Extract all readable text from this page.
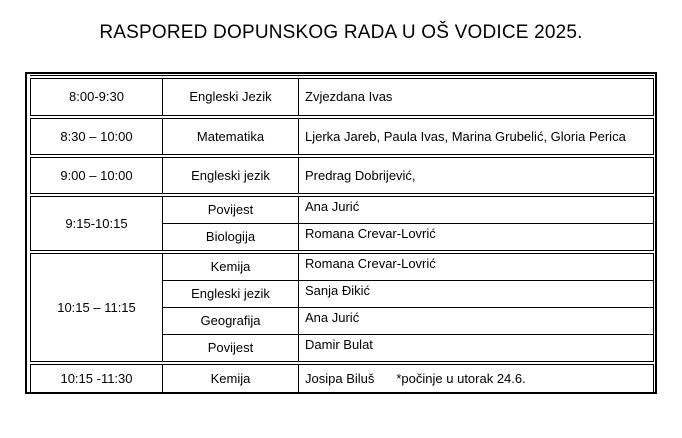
RASPORED DOPUNSKOG RADA U OŠ VODICE 2025.
8:00-9:30	Engleski Jezik	Zvjezdana Ivas
8:30 – 10:00	Matematika	Ljerka Jareb, Paula Ivas, Marina Grubelić, Gloria Perica
9:00 – 10:00	Engleski jezik	Predrag Dobrijević,
9:15-10:15	Povijest	Ana Jurić
	Biologija	Romana Crevar-Lovrić
10:15 – 11:15	Kemija	Romana Crevar-Lovrić
	Engleski jezik	Sanja Đikić
	Geografija	Ana Jurić
	Povijest	Damir Bulat
10:15 -11:30	Kemija	Josipa Biluš *počinje u utorak 24.6.
